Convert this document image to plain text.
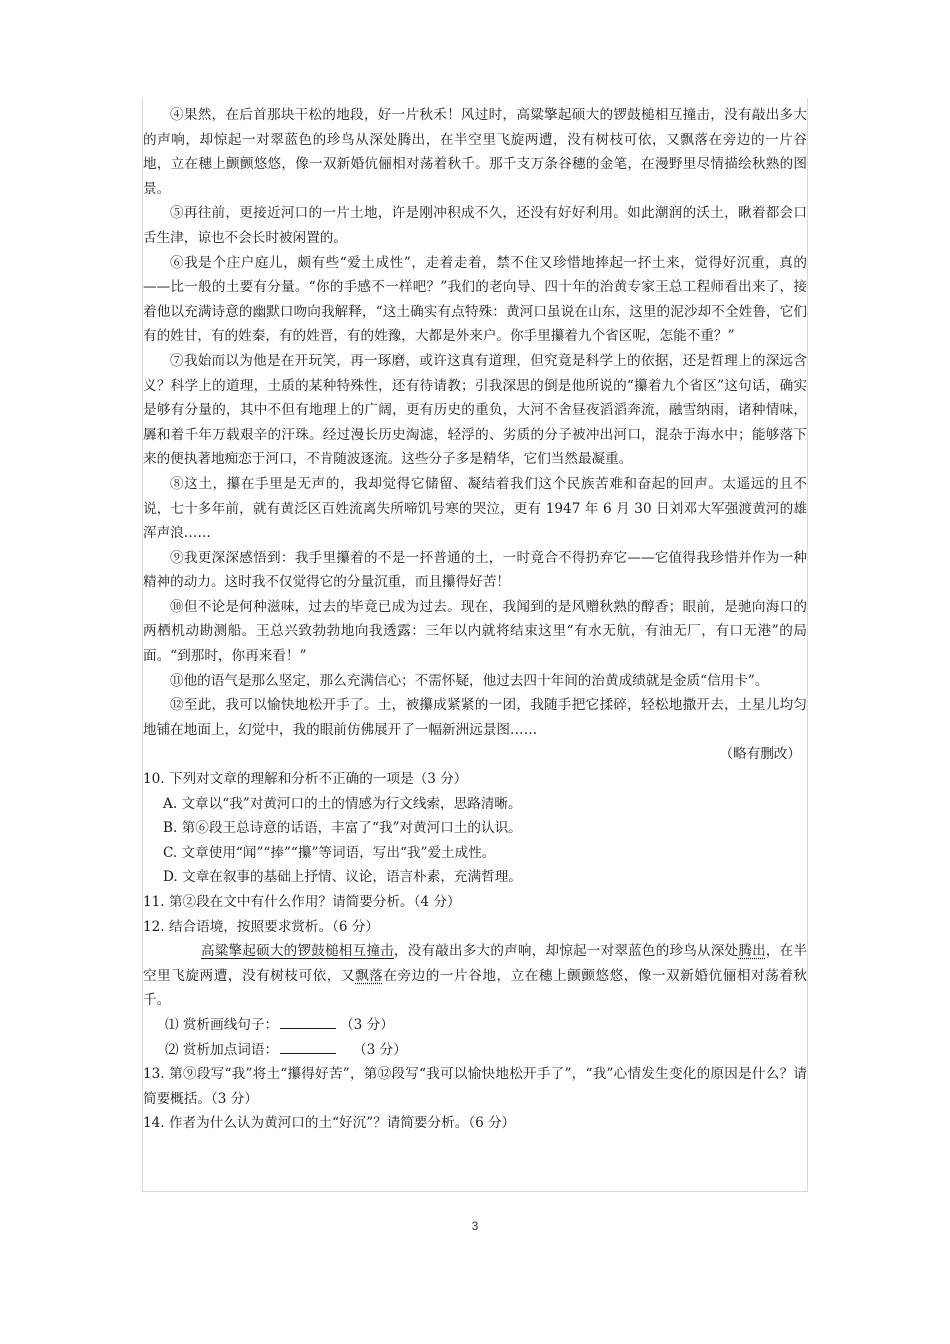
④果然，在后首那块干松的地段，好一片秋禾！风过时，高粱擎起硕大的锣鼓槌相互撞击，没有敲出多大的声响，却惊起一对翠蓝色的珍鸟从深处腾出，在半空里飞旋两遭，没有树枝可依，又飘落在旁边的一片谷地，立在穗上颤颤悠悠，像一双新婚伉俪相对荡着秋千。那千支万条谷穗的金笔，在漫野里尽情描绘秋熟的图景。

⑤再往前，更接近河口的一片土地，许是刚冲积成不久，还没有好好利用。如此潮润的沃土，瞅着都会口舌生津，谅也不会长时被闲置的。

⑥我是个庄户庭儿，颇有些“爱土成性”，走着走着，禁不住又珍惜地捧起一抔土来，觉得好沉重，真的——比一般的土要有分量。“你的手感不一样吧？”我们的老向导、四十年的治黄专家王总工程师看出来了，接着他以充满诗意的幽默口吻向我解释，“这土确实有点特殊：黄河口虽说在山东，这里的泥沙却不全姓鲁，它们有的姓甘，有的姓秦，有的姓晋，有的姓豫，大都是外来户。你手里攥着九个省区呢，怎能不重？”

⑦我始而以为他是在开玩笑，再一琢磨，或许这真有道理，但究竟是科学上的依据，还是哲理上的深远含义？科学上的道理，土质的某种特殊性，还有待请教；引我深思的倒是他所说的“攥着九个省区”这句话，确实是够有分量的，其中不但有地理上的广阔，更有历史的重负，大河不舍昼夜滔滔奔流，融雪纳雨，诸种情味，羼和着千年万载艰辛的汗珠。经过漫长历史淘滤，轻浮的、劣质的分子被冲出河口，混杂于海水中；能够落下来的便执著地痴恋于河口，不肯随波逐流。这些分子多是精华，它们当然最凝重。

⑧这土，攥在手里是无声的，我却觉得它储留、凝结着我们这个民族苦难和奋起的回声。太遥远的且不说，七十多年前，就有黄泛区百姓流离失所啼饥号寒的哭泣，更有 1947 年 6 月 30 日刘邓大军强渡黄河的雄浑声浪……

⑨我更深深感悟到：我手里攥着的不是一抔普通的土，一时竟合不得扔弃它——它值得我珍惜并作为一种精神的动力。这时我不仅觉得它的分量沉重，而且攥得好苦！

⑩但不论是何种滋味，过去的毕竟已成为过去。现在，我闻到的是风赠秋熟的醇香；眼前，是驰向海口的两栖机动勘测船。王总兴致勃勃地向我透露：三年以内就将结束这里“有水无航，有油无厂，有口无港”的局面。“到那时，你再来看！”

⑪他的语气是那么坚定，那么充满信心；不需怀疑，他过去四十年间的治黄成绩就是金质“信用卡”。

⑫至此，我可以愉快地松开手了。土，被攥成紧紧的一团，我随手把它揉碎，轻松地撒开去，土星儿均匀地铺在地面上，幻觉中，我的眼前仿佛展开了一幅新洲远景图……

（略有删改）

10. 下列对文章的理解和分析不正确的一项是（3 分）

A. 文章以“我”对黄河口的土的情感为行文线索，思路清晰。

B. 第⑥段王总诗意的话语，丰富了“我”对黄河口土的认识。

C. 文章使用“闻”“捧”“攥”等词语，写出“我”爱土成性。

D. 文章在叙事的基础上抒情、议论，语言朴素，充满哲理。

11. 第②段在文中有什么作用？请简要分析。（4 分）

12. 结合语境，按照要求赏析。（6 分）

高粱擎起硕大的锣鼓槌相互撞击，没有敲出多大的声响，却惊起一对翠蓝色的珍鸟从深处腾出，在半空里飞旋两遭，没有树枝可依，又飘落在旁边的一片谷地，立在穗上颤颤悠悠，像一双新婚伉俪相对荡着秋千。

⑴ 赏析画线句子：	（3 分）

⑵ 赏析加点词语：	（3 分）

13. 第⑨段写“我”将土“攥得好苦”，第⑫段写“我可以愉快地松开手了”，“我”心情发生变化的原因是什么？请简要概括。（3 分）

14. 作者为什么认为黄河口的土“好沉”？请简要分析。（6 分）

3
